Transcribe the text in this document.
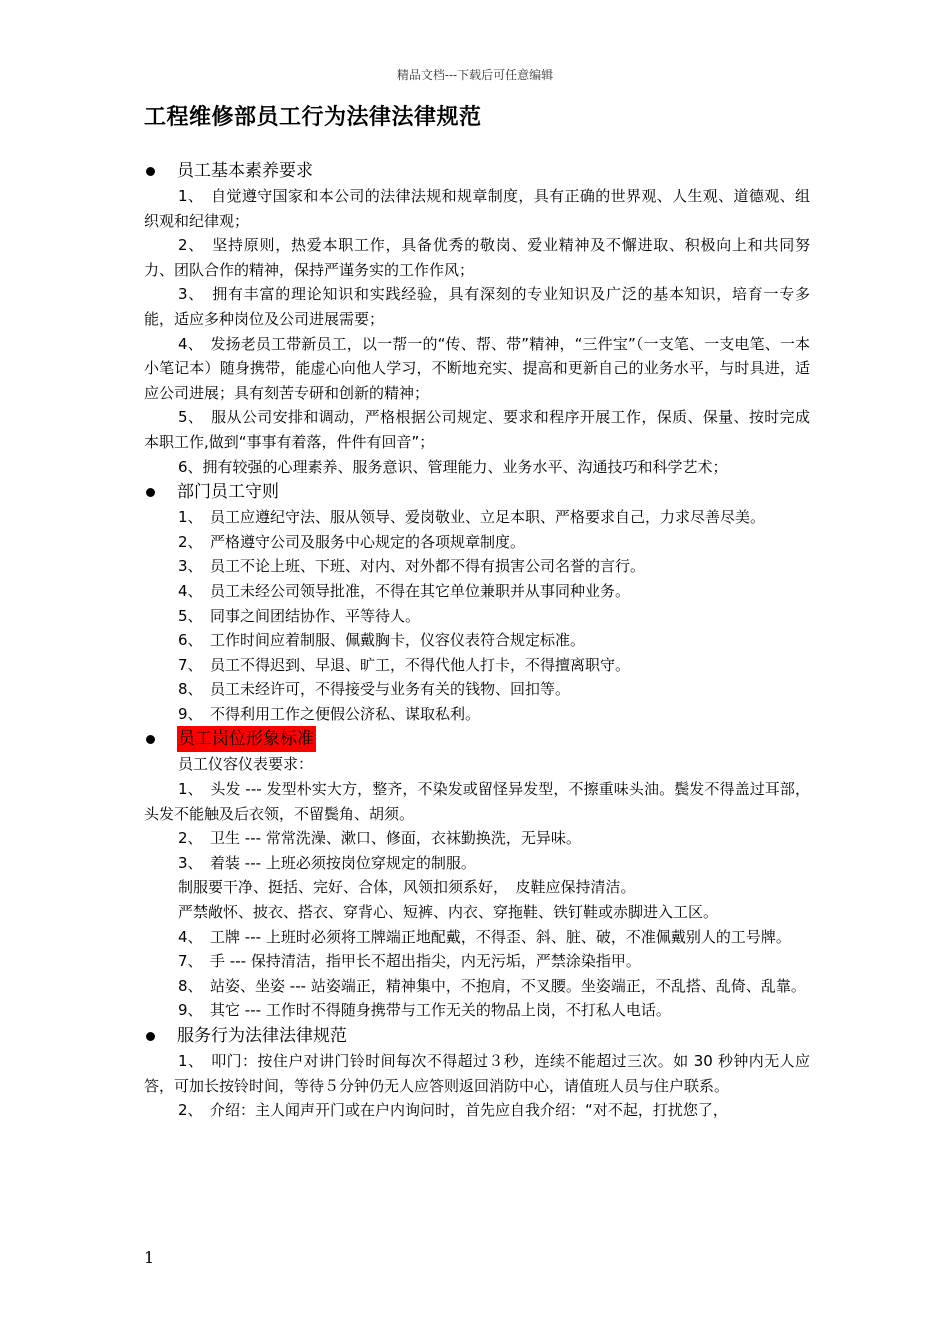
精品文档---下载后可任意编辑
工程维修部员工行为法律法律规范
员工基本素养要求

1、　自觉遵守国家和本公司的法律法规和规章制度，具有正确的世界观、人生观、道德观、组织观和纪律观；

2、　坚持原则，热爱本职工作，具备优秀的敬岗、爱业精神及不懈进取、积极向上和共同努力、团队合作的精神，保持严谨务实的工作作风；

3、　拥有丰富的理论知识和实践经验，具有深刻的专业知识及广泛的基本知识，培育一专多能，适应多种岗位及公司进展需要；

4、　发扬老员工带新员工，以一帮一的“传、帮、带”精神，“三件宝”（一支笔、一支电笔、一本小笔记本）随身携带，能虚心向他人学习，不断地充实、提高和更新自己的业务水平，与时具进，适应公司进展；具有刻苦专研和创新的精神；

5、　服从公司安排和调动，严格根据公司规定、要求和程序开展工作，保质、保量、按时完成本职工作,做到“事事有着落，件件有回音”；

6、拥有较强的心理素养、服务意识、管理能力、业务水平、沟通技巧和科学艺术；

部门员工守则

1、　员工应遵纪守法、服从领导、爱岗敬业、立足本职、严格要求自己，力求尽善尽美。

2、　严格遵守公司及服务中心规定的各项规章制度。

3、　员工不论上班、下班、对内、对外都不得有损害公司名誉的言行。

4、　员工未经公司领导批准，不得在其它单位兼职并从事同种业务。

5、　同事之间团结协作、平等待人。

6、　工作时间应着制服、佩戴胸卡，仪容仪表符合规定标准。

7、　员工不得迟到、早退、旷工，不得代他人打卡，不得擅离职守。

8、　员工未经许可，不得接受与业务有关的钱物、回扣等。

9、　不得利用工作之便假公济私、谋取私利。

员工岗位形象标准

员工仪容仪表要求：

1、　头发 --- 发型朴实大方，整齐，不染发或留怪异发型，不擦重味头油。鬓发不得盖过耳部，头发不能触及后衣领，不留鬓角、胡须。

2、　卫生 --- 常常洗澡、漱口、修面，衣袜勤换洗，无异味。

3、　着装 --- 上班必须按岗位穿规定的制服。

制服要干净、挺括、完好、合体，风领扣须系好，　皮鞋应保持清洁。

严禁敞怀、披衣、搭衣、穿背心、短裤、内衣、穿拖鞋、铁钉鞋或赤脚进入工区。

4、　工牌 --- 上班时必须将工牌端正地配戴，不得歪、斜、脏、破，不准佩戴别人的工号牌。

7、　手 --- 保持清洁，指甲长不超出指尖，内无污垢，严禁涂染指甲。

8、　站姿、坐姿 --- 站姿端正，精神集中，不抱肩，不叉腰。坐姿端正，不乱搭、乱倚、乱靠。

9、　其它 --- 工作时不得随身携带与工作无关的物品上岗，不打私人电话。

服务行为法律法律规范

1、　叩门：按住户对讲门铃时间每次不得超过３秒，连续不能超过三次。如 30 秒钟内无人应答，可加长按铃时间，等待５分钟仍无人应答则返回消防中心，请值班人员与住户联系。

2、　介绍：主人闻声开门或在户内询问时，首先应自我介绍：“对不起，打扰您了，

1
